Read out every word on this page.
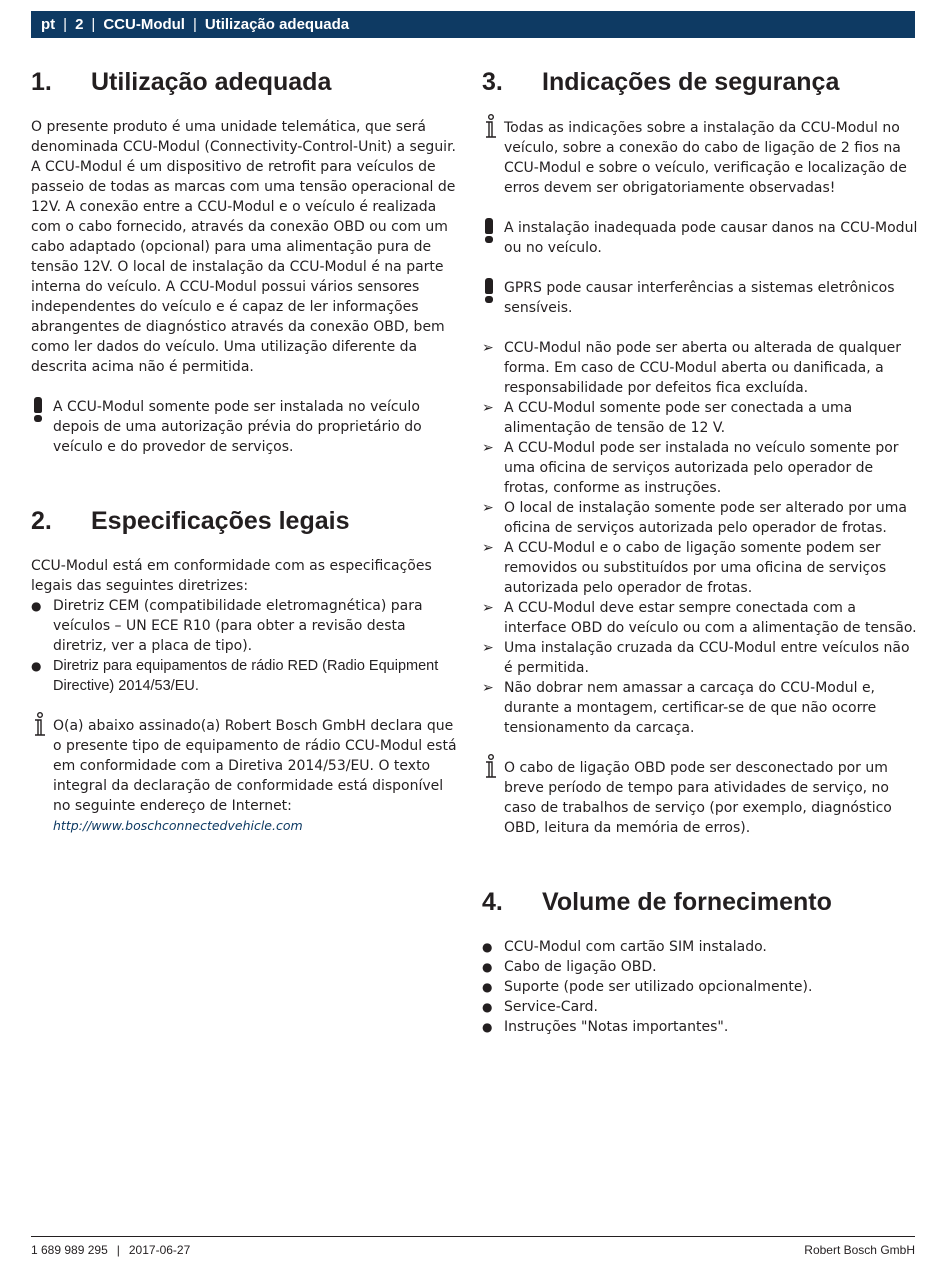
pt | 2 | CCU-Modul | Utilização adequada
1.	Utilização adequada

O presente produto é uma unidade telemática, que será denominada CCU-Modul (Connectivity-Control-Unit) a seguir. A CCU-Modul é um dispositivo de retrofit para veículos de passeio de todas as marcas com uma tensão operacional de 12V. A conexão entre a CCU-Modul e o veículo é realizada com o cabo fornecido, através da conexão OBD ou com um cabo adaptado (opcional) para uma alimentação pura de tensão 12V. O local de instalação da CCU-Modul é na parte interna do veículo. A CCU-Modul possui vários sensores independentes do veículo e é capaz de ler informações abrangentes de diagnóstico através da conexão OBD, bem como ler dados do veículo. Uma utilização diferente da descrita acima não é permitida.

A CCU-Modul somente pode ser instalada no veículo depois de uma autorização prévia do proprietário do veículo e do provedor de serviços.
2.	Especificações legais

CCU-Modul está em conformidade com as especificações legais das seguintes diretrizes:

● Diretriz CEM (compatibilidade eletromagnética) para veículos – UN ECE R10 (para obter a revisão desta diretriz, ver a placa de tipo).
● Diretriz para equipamentos de rádio RED (Radio Equipment Directive) 2014/53/EU.
O(a) abaixo assinado(a) Robert Bosch GmbH declara que o presente tipo de equipamento de rádio CCU-Modul está em conformidade com a Diretiva 2014/53/EU. O texto integral da declaração de conformidade está disponível no seguinte endereço de Internet:
http://www.boschconnectedvehicle.com
3.	Indicações de segurança
Todas as indicações sobre a instalação da CCU-Modul no veículo, sobre a conexão do cabo de ligação de 2 fios na CCU-Modul e sobre o veículo, verificação e localização de erros devem ser obrigatoriamente observadas!
A instalação inadequada pode causar danos na CCU-Modul ou no veículo.
GPRS pode causar interferências a sistemas eletrônicos sensíveis.
➢ CCU-Modul não pode ser aberta ou alterada de qualquer forma. Em caso de CCU-Modul aberta ou danificada, a responsabilidade por defeitos fica excluída.
➢ A CCU-Modul somente pode ser conectada a uma alimentação de tensão de 12 V.
➢ A CCU-Modul pode ser instalada no veículo somente por uma oficina de serviços autorizada pelo operador de frotas, conforme as instruções.
➢ O local de instalação somente pode ser alterado por uma oficina de serviços autorizada pelo operador de frotas.
➢ A CCU-Modul e o cabo de ligação somente podem ser removidos ou substituídos por uma oficina de serviços autorizada pelo operador de frotas.
➢ A CCU-Modul deve estar sempre conectada com a interface OBD do veículo ou com a alimentação de tensão.
➢ Uma instalação cruzada da CCU-Modul entre veículos não é permitida.
➢ Não dobrar nem amassar a carcaça do CCU-Modul e, durante a montagem, certificar-se de que não ocorre tensionamento da carcaça.
O cabo de ligação OBD pode ser desconectado por um breve período de tempo para atividades de serviço, no caso de trabalhos de serviço (por exemplo, diagnóstico OBD, leitura da memória de erros).
4.	Volume de fornecimento
● CCU-Modul com cartão SIM instalado.
● Cabo de ligação OBD.
● Suporte (pode ser utilizado opcionalmente).
● Service-Card.
● Instruções "Notas importantes".
1 689 989 295 | 2017-06-27	Robert Bosch GmbH
